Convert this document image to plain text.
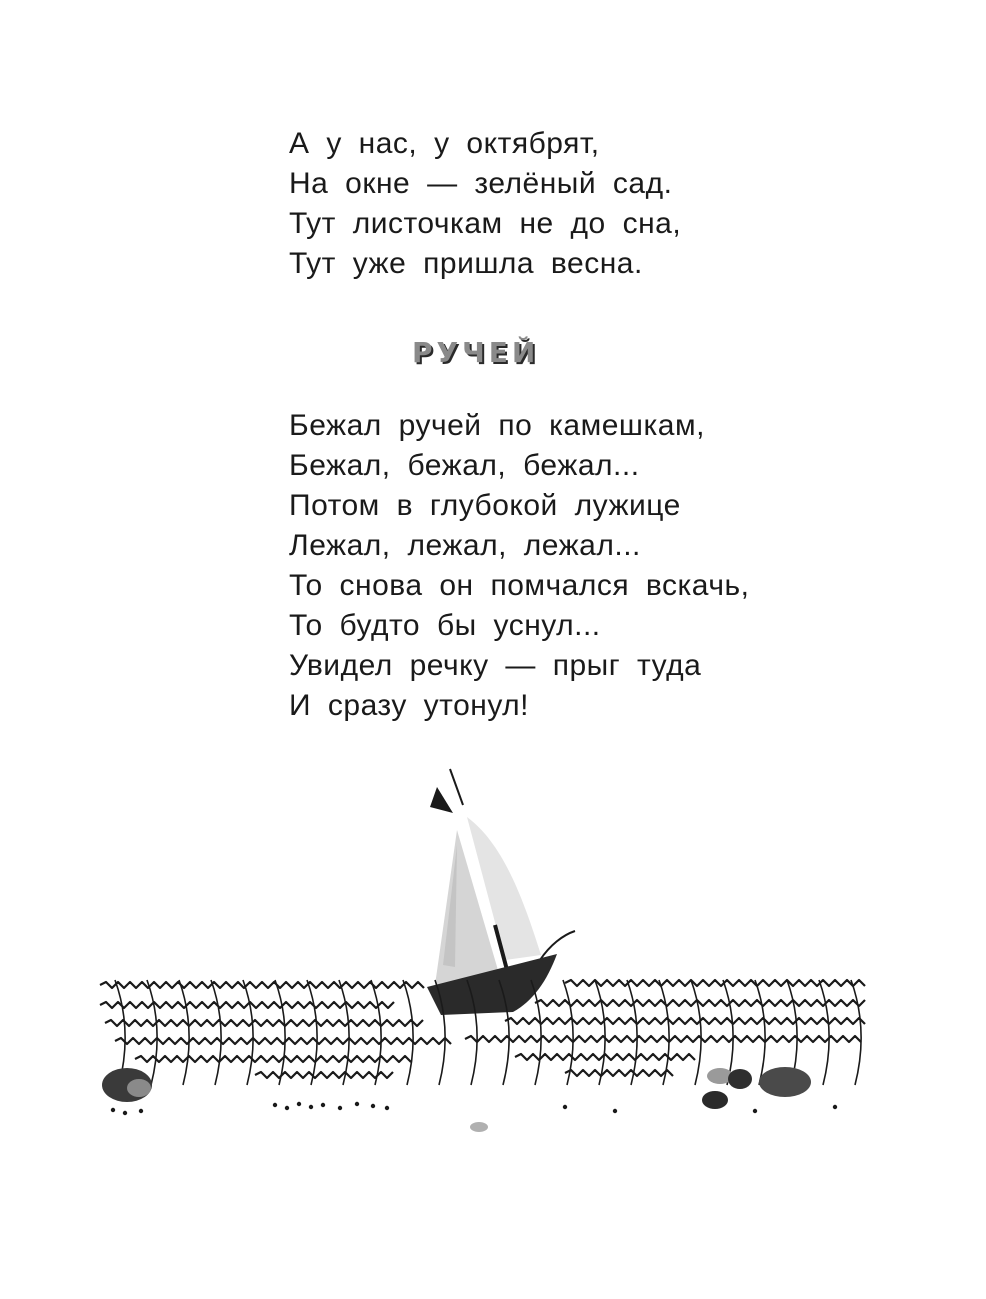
А у нас, у октябрят,
На окне — зелёный сад.
Тут листочкам не до сна,
Тут уже пришла весна.
РУЧЕЙ
Бежал ручей по камешкам,
Бежал, бежал, бежал...
Потом в глубокой лужице
Лежал, лежал, лежал...
То снова он помчался вскачь,
То будто бы уснул...
Увидел речку — прыг туда
И сразу утонул!
